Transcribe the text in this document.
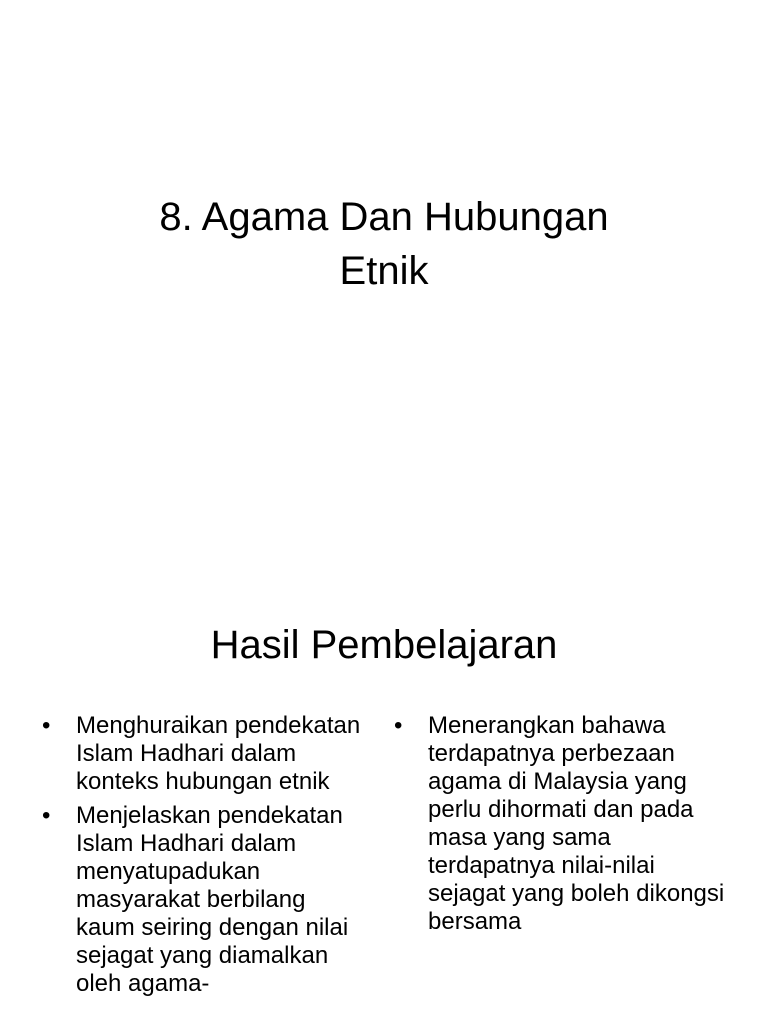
8. Agama Dan Hubungan
Etnik
Hasil Pembelajaran
• Menghuraikan pendekatan Islam Hadhari dalam konteks hubungan etnik
• Menjelaskan pendekatan Islam Hadhari dalam menyatupadukan masyarakat berbilang kaum seiring dengan nilai sejagat yang diamalkan oleh agama-
• Menerangkan bahawa terdapatnya perbezaan agama di Malaysia yang perlu dihormati dan pada masa yang sama terdapatnya nilai-nilai sejagat yang boleh dikongsi bersama
